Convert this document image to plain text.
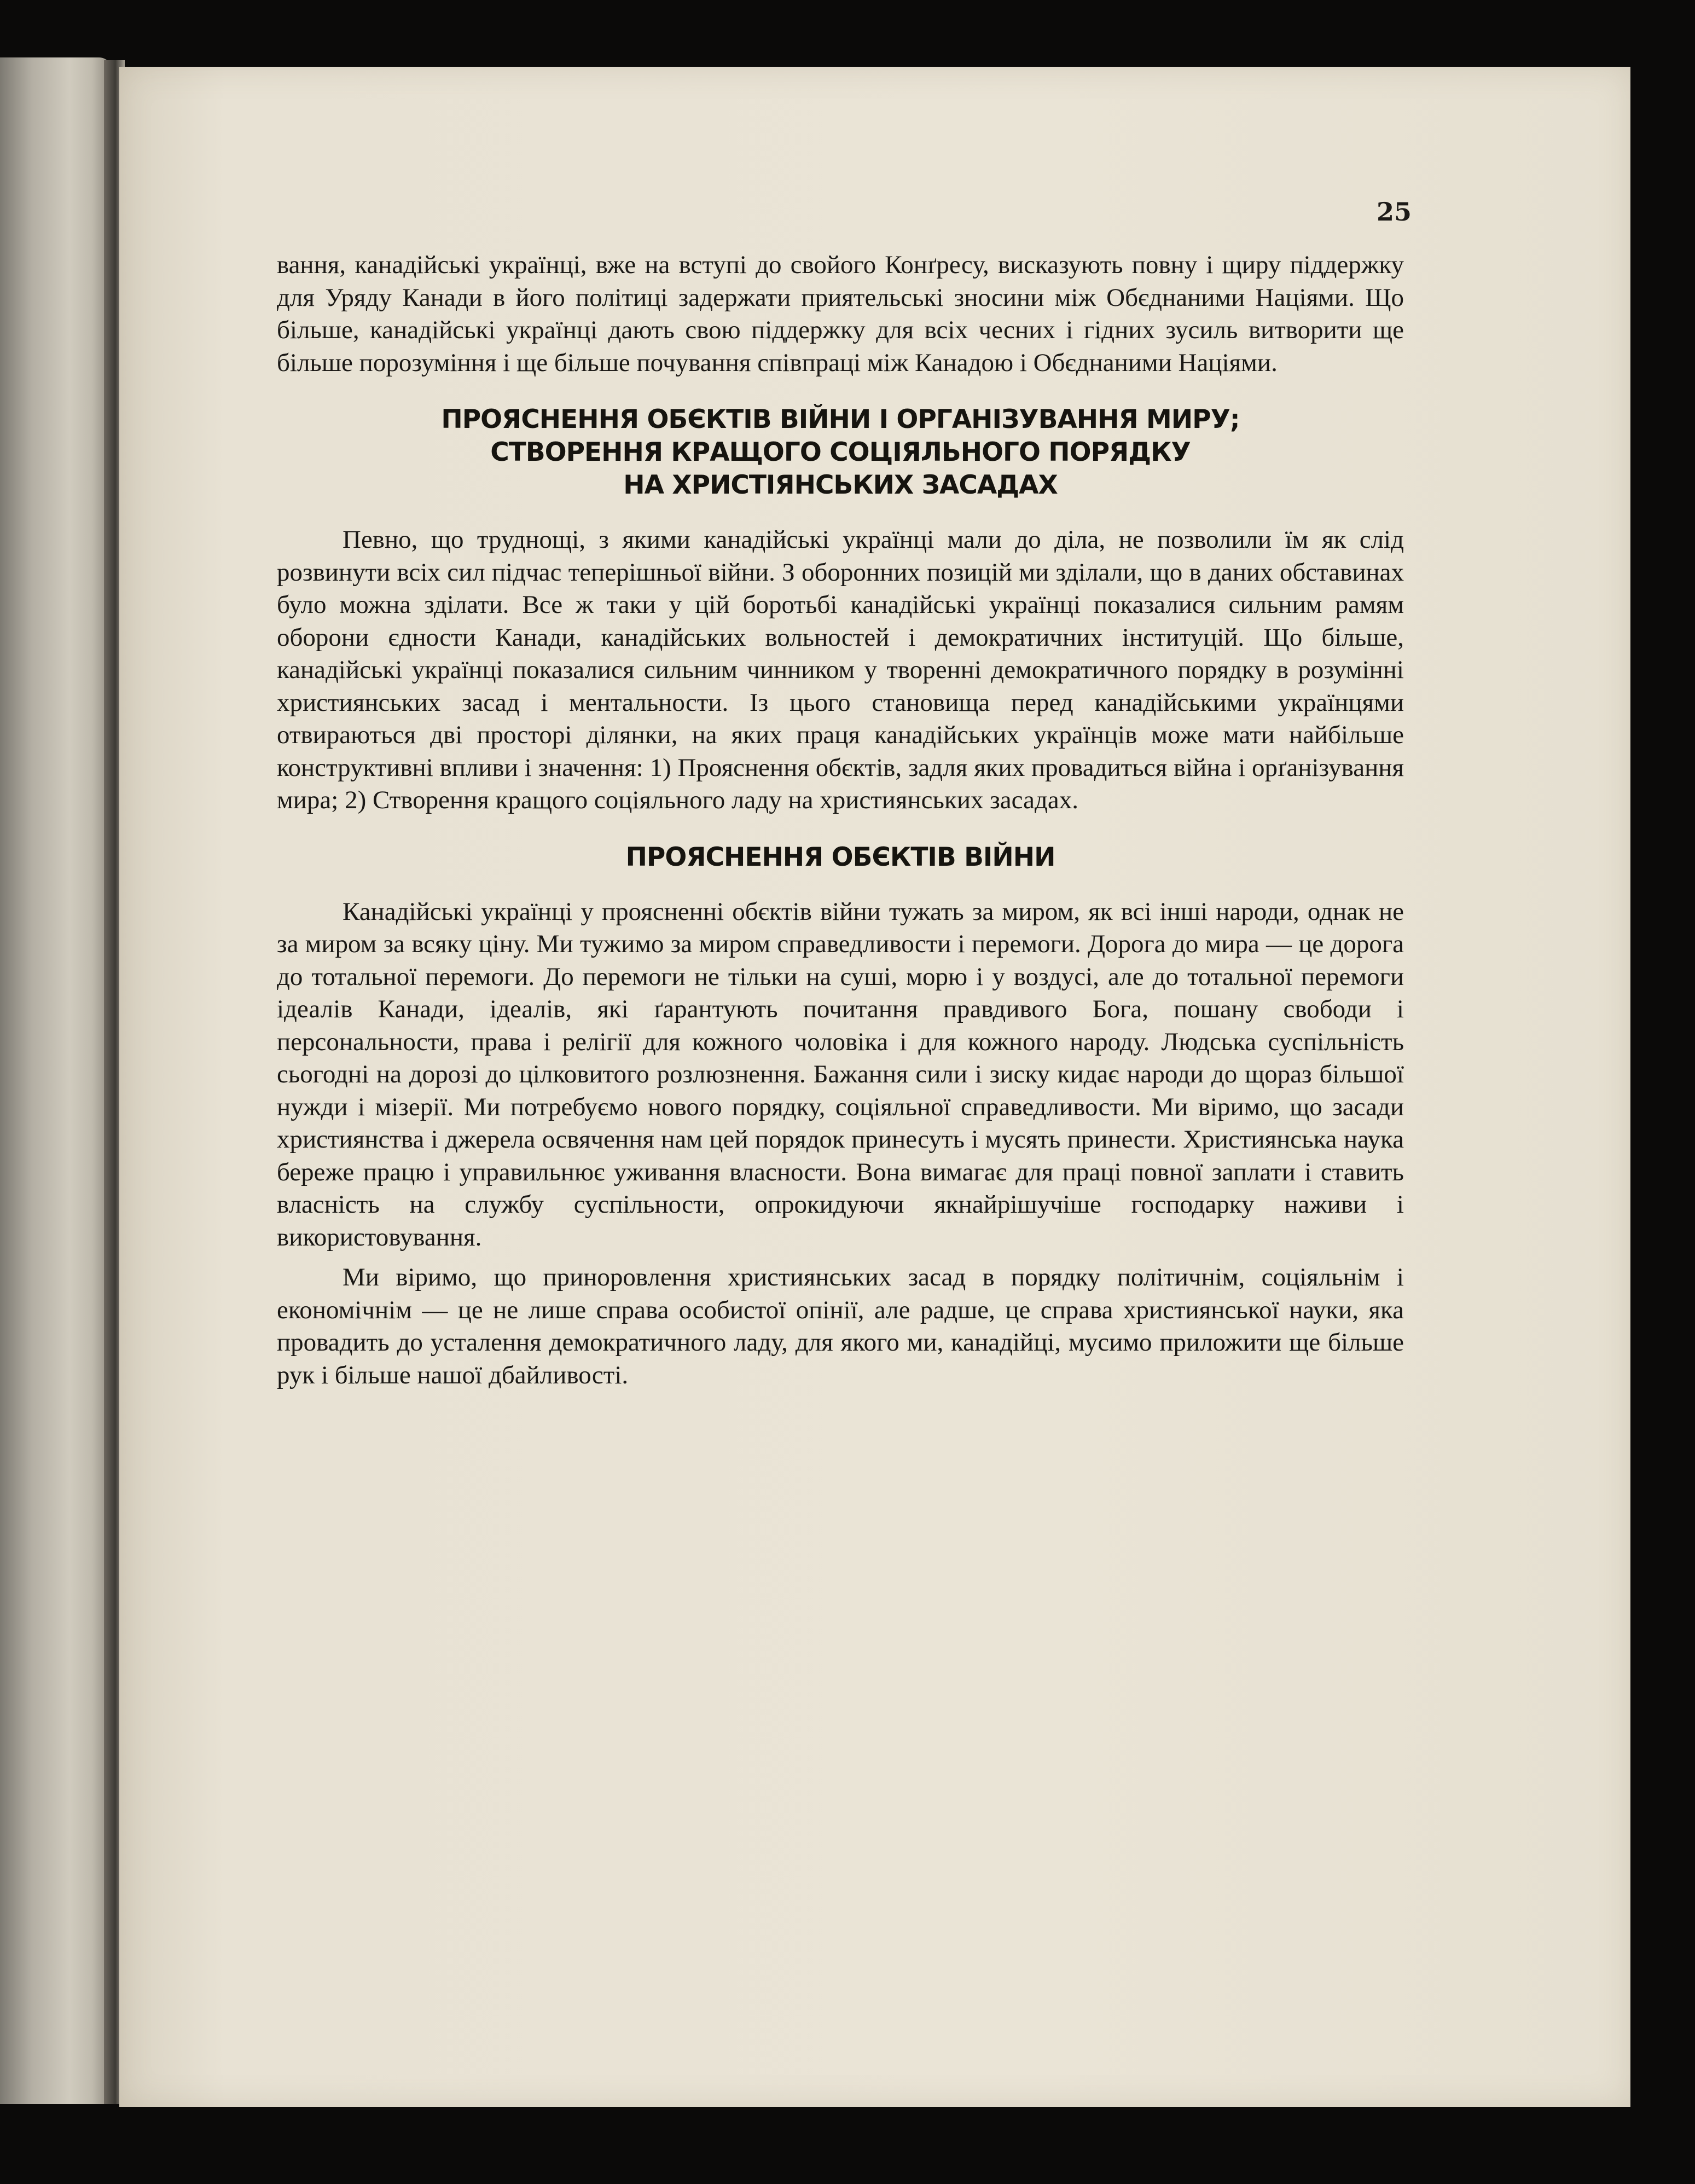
25

вання, канадійські українці, вже на вступі до свойого Конґресу, висказують повну і щиру піддержку для Уряду Канади в його політиці задержати приятельські зносини між Обєднаними Націями. Що більше, канадійські українці дають свою піддержку для всіх чесних і гідних зусиль витворити ще більше порозуміння і ще більше почування співпраці між Канадою і Обєднаними Націями.

ПРОЯСНЕННЯ ОБЄКТІВ ВІЙНИ І ОРГАНІЗУВАННЯ МИРУ;
СТВОРЕННЯ КРАЩОГО СОЦІЯЛЬНОГО ПОРЯДКУ
НА ХРИСТІЯНСЬКИХ ЗАСАДАХ

Певно, що труднощі, з якими канадійські українці мали до діла, не позволили їм як слід розвинути всіх сил підчас теперішньої війни. З оборонних позицій ми зділали, що в даних обставинах було можна зділати. Все ж таки у цій боротьбі канадійські українці показалися сильним рамям оборони єдности Канади, канадійських вольностей і демократичних інституцій. Що більше, канадійські українці показалися сильним чинником у творенні демократичного порядку в розумінні християнських засад і ментальности. Із цього становища перед канадійськими українцями отвираються дві просторі ділянки, на яких праця канадійських українців може мати найбільше конструктивні впливи і значення: 1) Прояснення обєктів, задля яких провадиться війна і орґанізування мира; 2) Створення кращого соціяльного ладу на християнських засадах.

ПРОЯСНЕННЯ ОБЄКТІВ ВІЙНИ

Канадійські українці у проясненні обєктів війни тужать за миром, як всі інші народи, однак не за миром за всяку ціну. Ми тужимо за миром справедливости і перемоги. Дорога до мира — це дорога до тотальної перемоги. До перемоги не тільки на суші, морю і у воздусі, але до тотальної перемоги ідеалів Канади, ідеалів, які ґарантують почитання правдивого Бога, пошану свободи і персональности, права і релігії для кожного чоловіка і для кожного народу. Людська суспільність сьогодні на дорозі до цілковитого розлюзнення. Бажання сили і зиску кидає народи до щораз більшої нужди і мізерії. Ми потребуємо нового порядку, соціяльної справедливости. Ми віримо, що засади християнства і джерела освячення нам цей порядок принесуть і мусять принести. Християнська наука береже працю і управильнює уживання власности. Вона вимагає для праці повної заплати і ставить власність на службу суспільности, опрокидуючи якнайрішучіше господарку наживи і використовування.

Ми віримо, що принорoвлення християнських засад в порядку політичнім, соціяльнім і економічнім — це не лише справа особистої опінії, але радше, це справа християнської науки, яка провадить до усталення демократичного ладу, для якого ми, канадійці, мусимо приложити ще більше рук і більше нашої дбайливості.
